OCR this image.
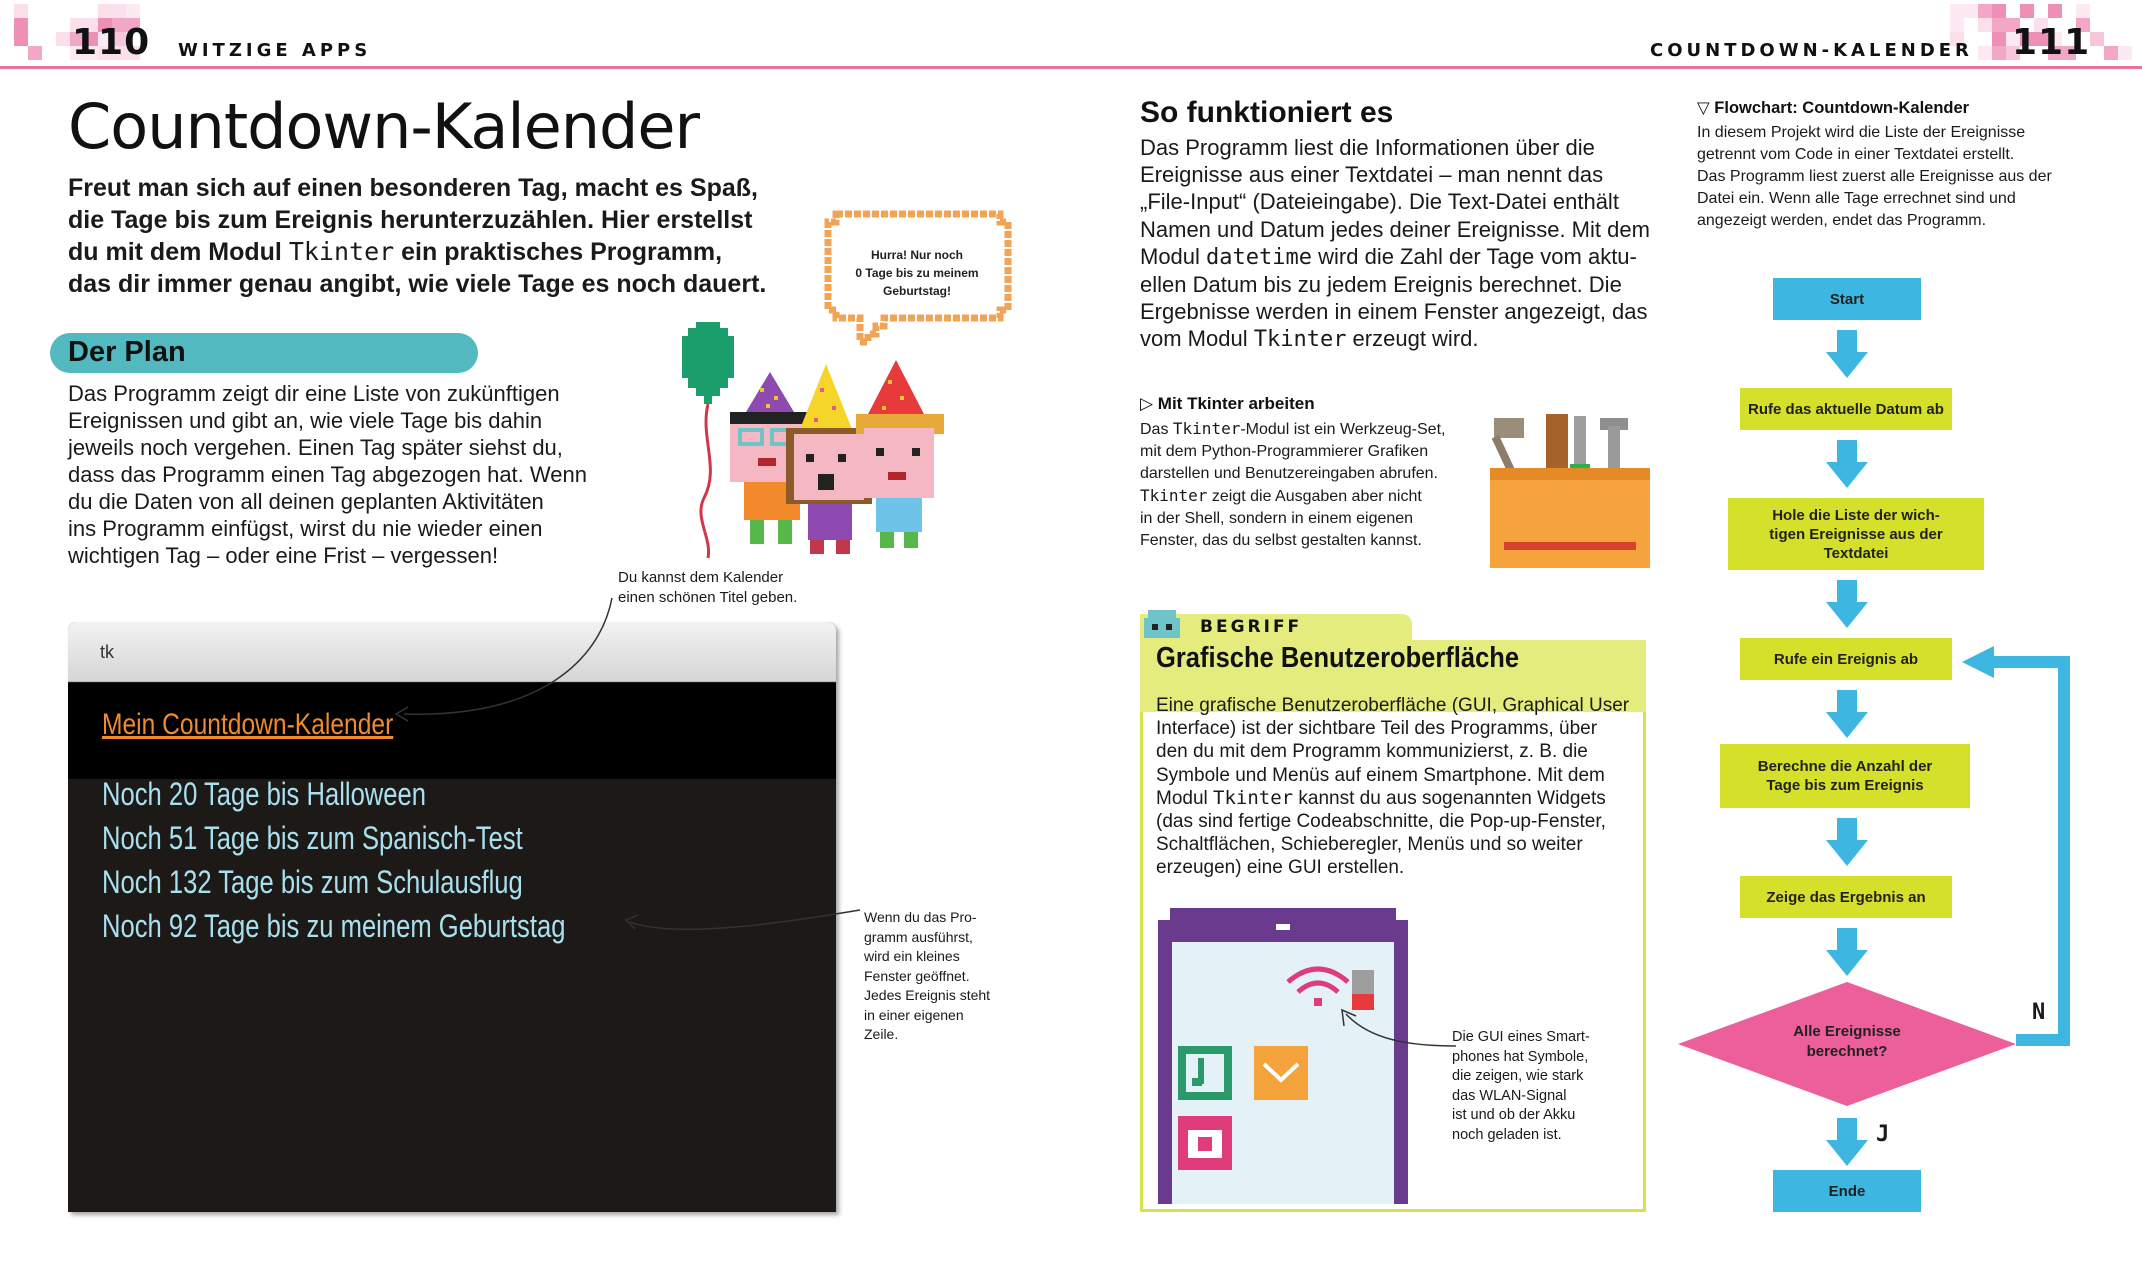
110 WITZIGE APPS	COUNTDOWN-KALENDER 111
Countdown-Kalender
Freut man sich auf einen besonderen Tag, macht es Spaß,
die Tage bis zum Ereignis herunterzuzählen. Hier erstellst
du mit dem Modul Tkinter ein praktisches Programm,
das dir immer genau angibt, wie viele Tage es noch dauert.
Hurra! Nur noch
0 Tage bis zu meinem
Geburtstag!
Der Plan
Das Programm zeigt dir eine Liste von zukünftigen
Ereignissen und gibt an, wie viele Tage bis dahin
jeweils noch vergehen. Einen Tag später siehst du,
dass das Programm einen Tag abgezogen hat. Wenn
du die Daten von all deinen geplanten Aktivitäten
ins Programm einfügst, wirst du nie wieder einen
wichtigen Tag – oder eine Frist – vergessen!
Du kannst dem Kalender
einen schönen Titel geben.
tk
Mein Countdown-Kalender
Noch 20 Tage bis Halloween
Noch 51 Tage bis zum Spanisch-Test
Noch 132 Tage bis zum Schulausflug
Noch 92 Tage bis zu meinem Geburtstag	Wenn du das Pro-
gramm ausführst,
wird ein kleines
Fenster geöffnet.
Jedes Ereignis steht
in einer eigenen
Zeile.
So funktioniert es
Das Programm liest die Informationen über die
Ereignisse aus einer Textdatei – man nennt das
„File-Input“ (Dateieingabe). Die Text-Datei enthält
Namen und Datum jedes deiner Ereignisse. Mit dem
Modul datetime wird die Zahl der Tage vom aktu-
ellen Datum bis zu jedem Ereignis berechnet. Die
Ergebnisse werden in einem Fenster angezeigt, das
vom Modul Tkinter erzeugt wird.
▷ Mit Tkinter arbeiten
Das Tkinter-Modul ist ein Werkzeug-Set,
mit dem Python-Programmierer Grafiken
darstellen und Benutzereingaben abrufen.
Tkinter zeigt die Ausgaben aber nicht
in der Shell, sondern in einem eigenen
Fenster, das du selbst gestalten kannst.
BEGRIFF
Grafische Benutzeroberfläche
Eine grafische Benutzeroberfläche (GUI, Graphical User
Interface) ist der sichtbare Teil des Programms, über
den du mit dem Programm kommunizierst, z. B. die
Symbole und Menüs auf einem Smartphone. Mit dem
Modul Tkinter kannst du aus sogenannten Widgets
(das sind fertige Codeabschnitte, die Pop-up-Fenster,
Schaltflächen, Schieberegler, Menüs und so weiter
erzeugen) eine GUI erstellen.
Die GUI eines Smart-
phones hat Symbole,
die zeigen, wie stark
das WLAN-Signal
ist und ob der Akku
noch geladen ist.
▽ Flowchart: Countdown-Kalender
In diesem Projekt wird die Liste der Ereignisse
getrennt vom Code in einer Textdatei erstellt.
Das Programm liest zuerst alle Ereignisse aus der
Datei ein. Wenn alle Tage errechnet sind und
angezeigt werden, endet das Programm.
Start
Rufe das aktuelle Datum ab
Hole die Liste der wich-
tigen Ereignisse aus der
Textdatei
Rufe ein Ereignis ab
Berechne die Anzahl der
Tage bis zum Ereignis
Zeige das Ergebnis an
Alle Ereignisse
berechnet?
Ende
N
J
